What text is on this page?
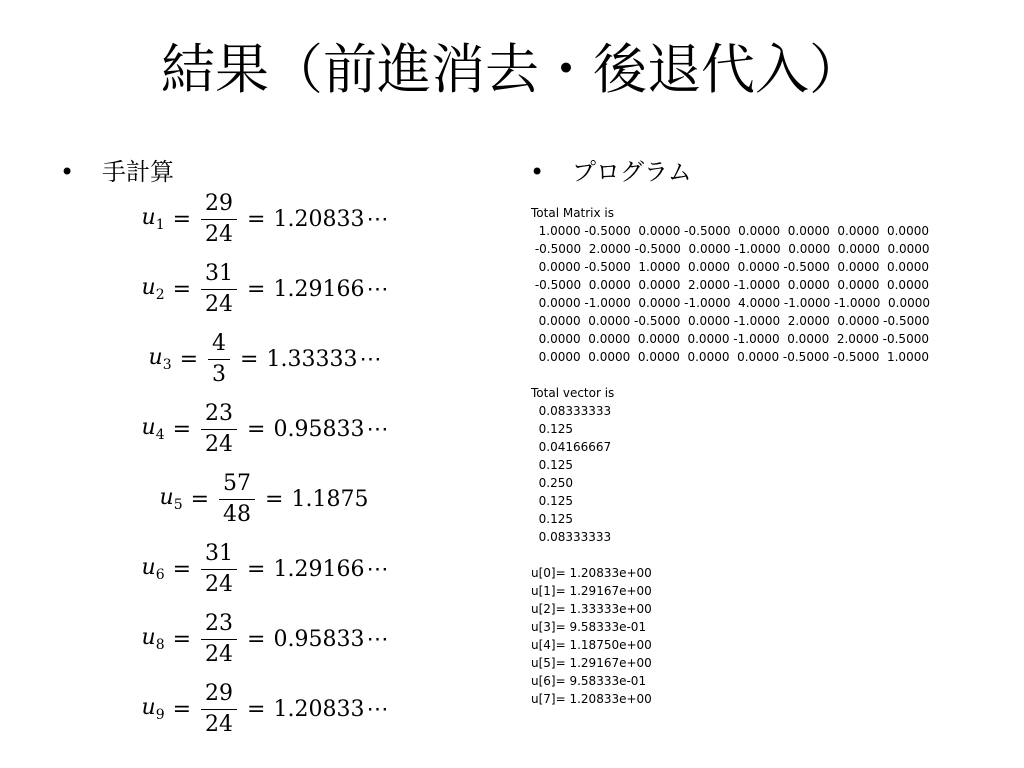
結果（前進消去・後退代入）
• 手計算	• プログラム
$u_1 = \frac{29}{24} = 1.20833$ ⋯
$u_2 = \frac{31}{24} = 1.29166$ ⋯
$u_3 = \frac{4}{3} = 1.33333$ ⋯
$u_4 = \frac{23}{24} = 0.95833$ ⋯
$u_5 = \frac{57}{48} = 1.1875$
$u_6 = \frac{31}{24} = 1.29166$ ⋯
$u_8 = \frac{23}{24} = 0.95833$ ⋯
$u_9 = \frac{29}{24} = 1.20833$ ⋯
Total Matrix is
1.0000 -0.5000  0.0000 -0.5000  0.0000  0.0000  0.0000  0.0000
-0.5000  2.0000 -0.5000  0.0000 -1.0000  0.0000  0.0000  0.0000
0.0000 -0.5000  1.0000  0.0000  0.0000 -0.5000  0.0000  0.0000
-0.5000  0.0000  0.0000  2.0000 -1.0000  0.0000  0.0000  0.0000
0.0000 -1.0000  0.0000 -1.0000  4.0000 -1.0000 -1.0000  0.0000
0.0000  0.0000 -0.5000  0.0000 -1.0000  2.0000  0.0000 -0.5000
0.0000  0.0000  0.0000  0.0000 -1.0000  0.0000  2.0000 -0.5000
0.0000  0.0000  0.0000  0.0000  0.0000 -0.5000 -0.5000  1.0000
Total vector is
0.08333333
0.125
0.04166667
0.125
0.250
0.125
0.125
0.08333333
u[0]= 1.20833e+00
u[1]= 1.29167e+00
u[2]= 1.33333e+00
u[3]= 9.58333e-01
u[4]= 1.18750e+00
u[5]= 1.29167e+00
u[6]= 9.58333e-01
u[7]= 1.20833e+00
